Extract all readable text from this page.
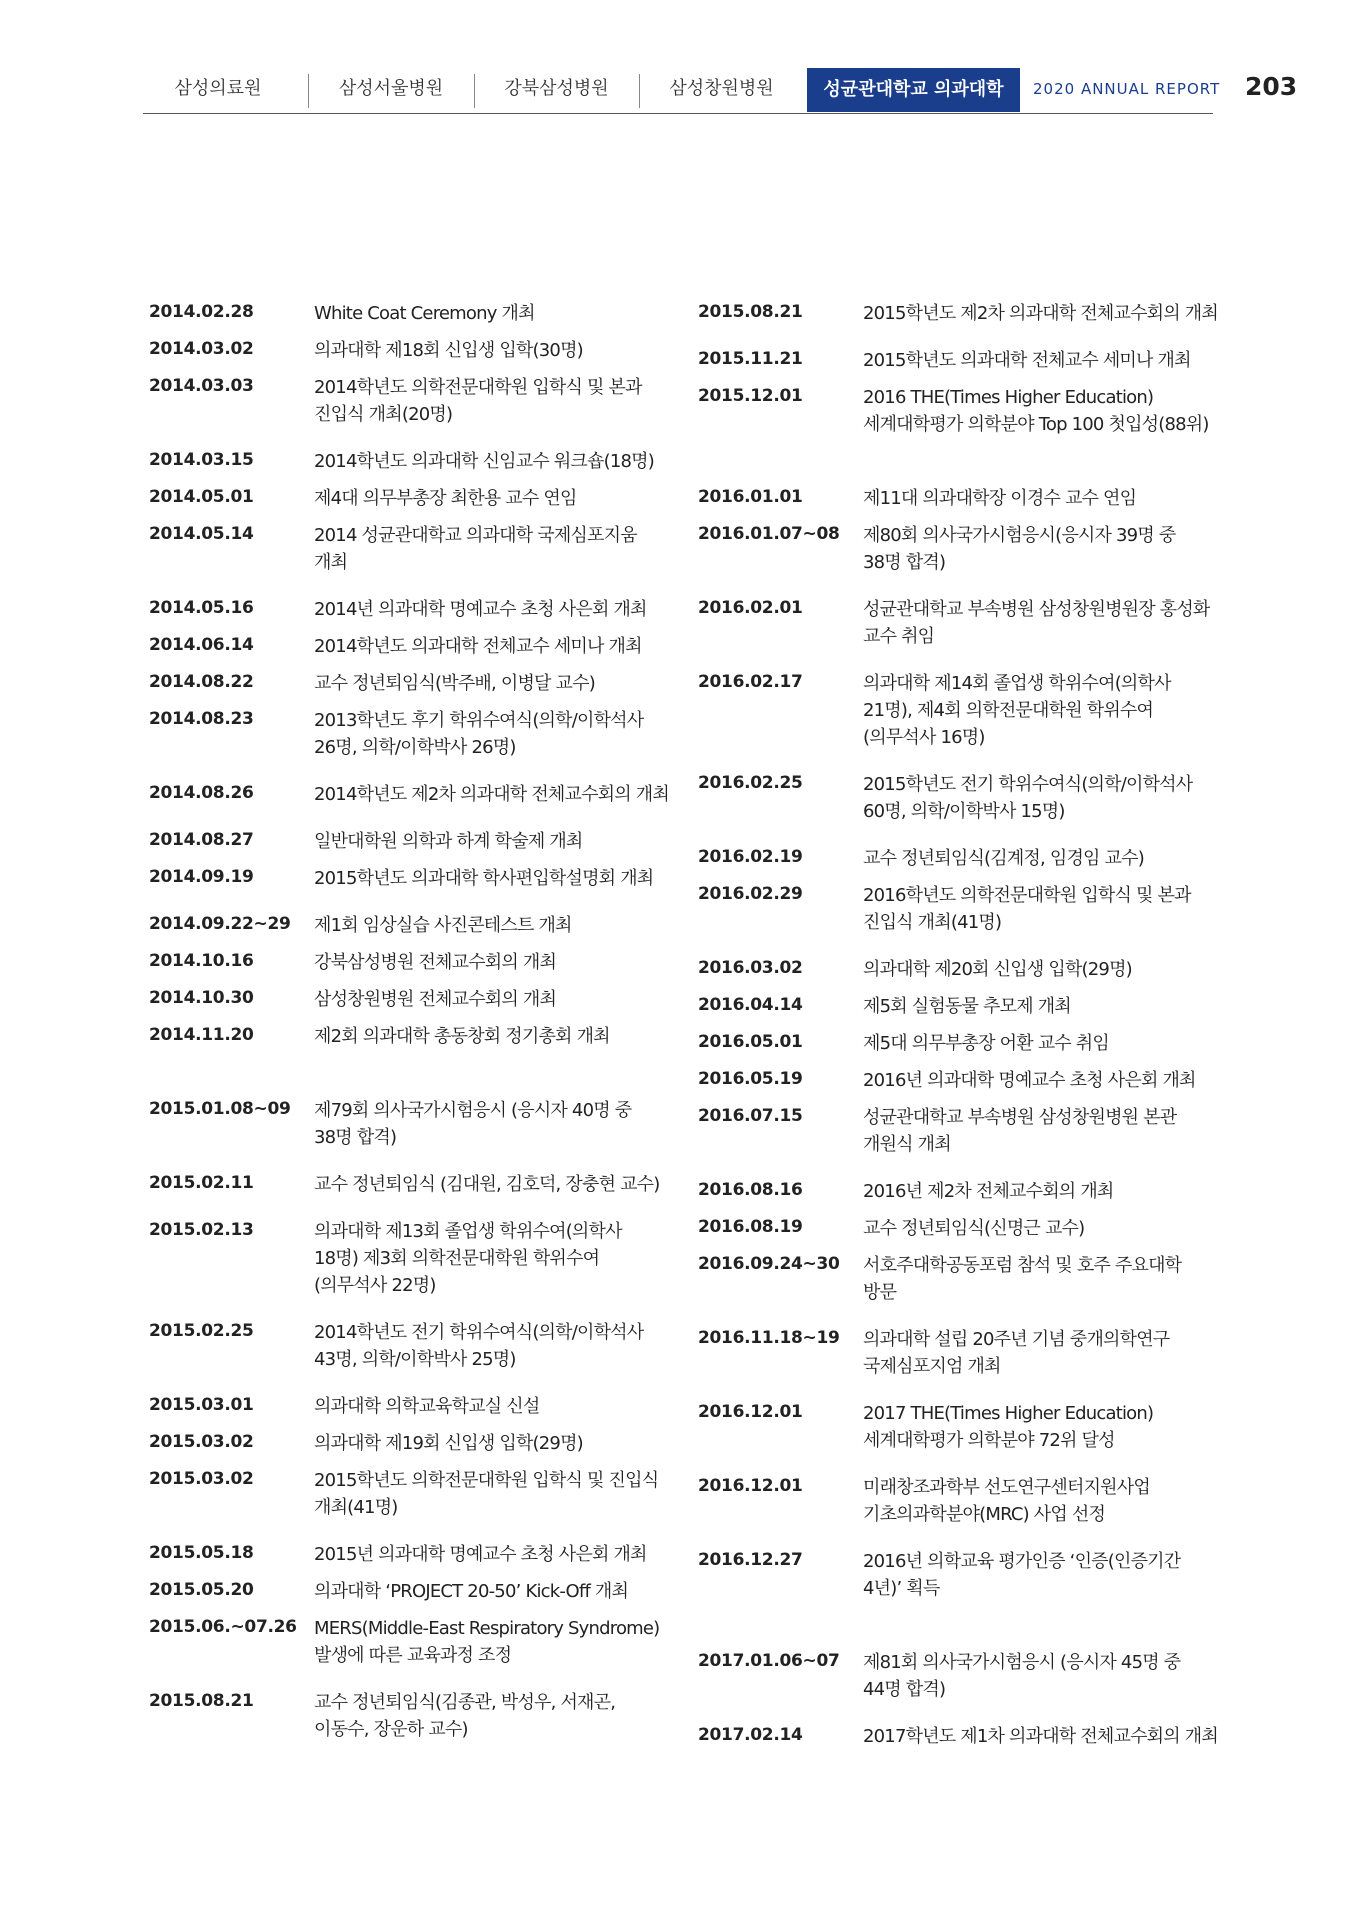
삼성의료원	삼성서울병원	강북삼성병원	삼성창원병원	성균관대학교 의과대학	2020 ANNUAL REPORT 203
2014.02.28	White Coat Ceremony 개최
2014.03.02	의과대학 제18회 신입생 입학(30명)
2014.03.03	2014학년도 의학전문대학원 입학식 및 본과 진입식 개최(20명)
2014.03.15	2014학년도 의과대학 신임교수 워크숍(18명)
2014.05.01	제4대 의무부총장 최한용 교수 연임
2014.05.14	2014 성균관대학교 의과대학 국제심포지움 개최
2014.05.16	2014년 의과대학 명예교수 초청 사은회 개최
2014.06.14	2014학년도 의과대학 전체교수 세미나 개최
2014.08.22	교수 정년퇴임식(박주배, 이병달 교수)
2014.08.23	2013학년도 후기 학위수여식(의학/이학석사 26명, 의학/이학박사 26명)
2014.08.26	2014학년도 제2차 의과대학 전체교수회의 개최
2014.08.27	일반대학원 의학과 하계 학술제 개최
2014.09.19	2015학년도 의과대학 학사편입학설명회 개최
2014.09.22~29 제1회 임상실습 사진콘테스트 개최
2014.10.16	강북삼성병원 전체교수회의 개최
2014.10.30	삼성창원병원 전체교수회의 개최
2014.11.20	제2회 의과대학 총동창회 정기총회 개최
2015.01.08~09 제79회 의사국가시험응시 (응시자 40명 중 38명 합격)
2015.02.11	교수 정년퇴임식 (김대원, 김호덕, 장충현 교수)
2015.02.13	의과대학 제13회 졸업생 학위수여(의학사 18명) 제3회 의학전문대학원 학위수여(의무석사 22명)
2015.02.25	2014학년도 전기 학위수여식(의학/이학석사 43명, 의학/이학박사 25명)
2015.03.01	의과대학 의학교육학교실 신설
2015.03.02	의과대학 제19회 신입생 입학(29명)
2015.03.02	2015학년도 의학전문대학원 입학식 및 진입식 개최(41명)
2015.05.18	2015년 의과대학 명예교수 초청 사은회 개최
2015.05.20	의과대학 ‘PROJECT 20-50’ Kick-Off 개최
2015.06.~07.26 MERS(Middle-East Respiratory Syndrome) 발생에 따른 교육과정 조정
2015.08.21	교수 정년퇴임식(김종관, 박성우, 서재곤, 이동수, 장운하 교수)
2015.08.21	2015학년도 제2차 의과대학 전체교수회의 개최
2015.11.21	2015학년도 의과대학 전체교수 세미나 개최
2015.12.01	2016 THE(Times Higher Education) 세계대학평가 의학분야 Top 100 첫입성(88위)
2016.01.01	제11대 의과대학장 이경수 교수 연임
2016.01.07~08 제80회 의사국가시험응시(응시자 39명 중 38명 합격)
2016.02.01	성균관대학교 부속병원 삼성창원병원장 홍성화 교수 취임
2016.02.17	의과대학 제14회 졸업생 학위수여(의학사 21명), 제4회 의학전문대학원 학위수여(의무석사 16명)
2016.02.25	2015학년도 전기 학위수여식(의학/이학석사 60명, 의학/이학박사 15명)
2016.02.19	교수 정년퇴임식(김계정, 임경임 교수)
2016.02.29	2016학년도 의학전문대학원 입학식 및 본과 진입식 개최(41명)
2016.03.02	의과대학 제20회 신입생 입학(29명)
2016.04.14	제5회 실험동물 추모제 개최
2016.05.01	제5대 의무부총장 어환 교수 취임
2016.05.19	2016년 의과대학 명예교수 초청 사은회 개최
2016.07.15	성균관대학교 부속병원 삼성창원병원 본관 개원식 개최
2016.08.16	2016년 제2차 전체교수회의 개최
2016.08.19	교수 정년퇴임식(신명근 교수)
2016.09.24~30 서호주대학공동포럼 참석 및 호주 주요대학 방문
2016.11.18~19 의과대학 설립 20주년 기념 중개의학연구 국제심포지엄 개최
2016.12.01	2017 THE(Times Higher Education) 세계대학평가 의학분야 72위 달성
2016.12.01	미래창조과학부 선도연구센터지원사업 기초의과학분야(MRC) 사업 선정
2016.12.27	2016년 의학교육 평가인증 ‘인증(인증기간 4년)’ 획득
2017.01.06~07 제81회 의사국가시험응시 (응시자 45명 중 44명 합격)
2017.02.14	2017학년도 제1차 의과대학 전체교수회의 개최
